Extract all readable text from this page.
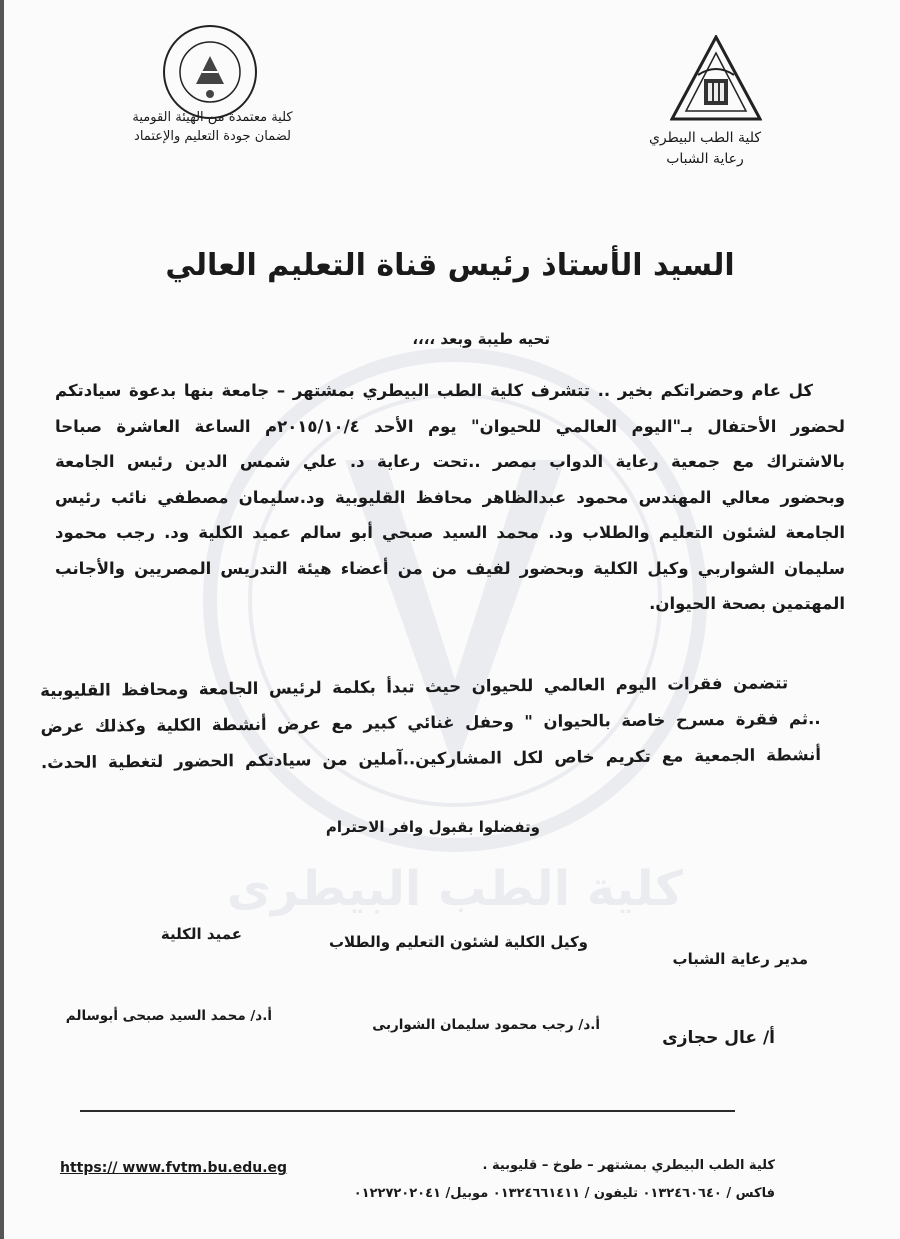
كلية الطب البيطرى
كلية الطب البيطري
رعاية الشباب
كلية معتمدة من الهيئة القومية
لضمان جودة التعليم والإعتماد
السيد الأستاذ رئيس قناة التعليم العالي
تحيه طيبة وبعد ،،،،
كل عام وحضراتكم بخير .. تتشرف كلية الطب البيطري بمشتهر – جامعة بنها بدعوة سيادتكم
لحضور الأحتفال بـ"اليوم العالمي للحيوان" يوم الأحد ٢٠١٥/١٠/٤م الساعة العاشرة صباحا
بالاشتراك مع جمعية رعاية الدواب بمصر ..تحت رعاية د. علي شمس الدين رئيس الجامعة
وبحضور معالي المهندس محمود عبدالظاهر محافظ القليوبية ود.سليمان مصطفي نائب رئيس
الجامعة لشئون التعليم والطلاب ود. محمد السيد صبحي أبو سالم عميد الكلية ود. رجب محمود
سليمان الشواربي وكيل الكلية وبحضور لفيف من من أعضاء هيئة التدريس المصريين والأجانب
المهتمين بصحة الحيوان.
تتضمن فقرات اليوم العالمي للحيوان حيث تبدأ بكلمة لرئيس الجامعة ومحافظ القليوبية
..ثم فقرة مسرح خاصة بالحيوان " وحفل غنائي كبير مع عرض أنشطة الكلية وكذلك عرض
أنشطة الجمعية مع تكريم خاص لكل المشاركين..آملين من سيادتكم الحضور لتغطية الحدث.
وتفضلوا بقبول وافر الاحترام
مدير رعاية الشباب
وكيل الكلية لشئون التعليم والطلاب
عميد الكلية
أ/ عال حجازى
أ.د/ رجب محمود سليمان الشواربى
أ.د/ محمد السيد صبحى أبوسالم
كلية الطب البيطري بمشتهر – طوخ – قليوبية .
فاكس / ٠١٣٢٤٦٠٦٤٠ تليفون / ٠١٣٢٤٦٦١٤١١ موبيل/ ٠١٢٢٧٢٠٢٠٤١
https:// www.fvtm.bu.edu.eg
